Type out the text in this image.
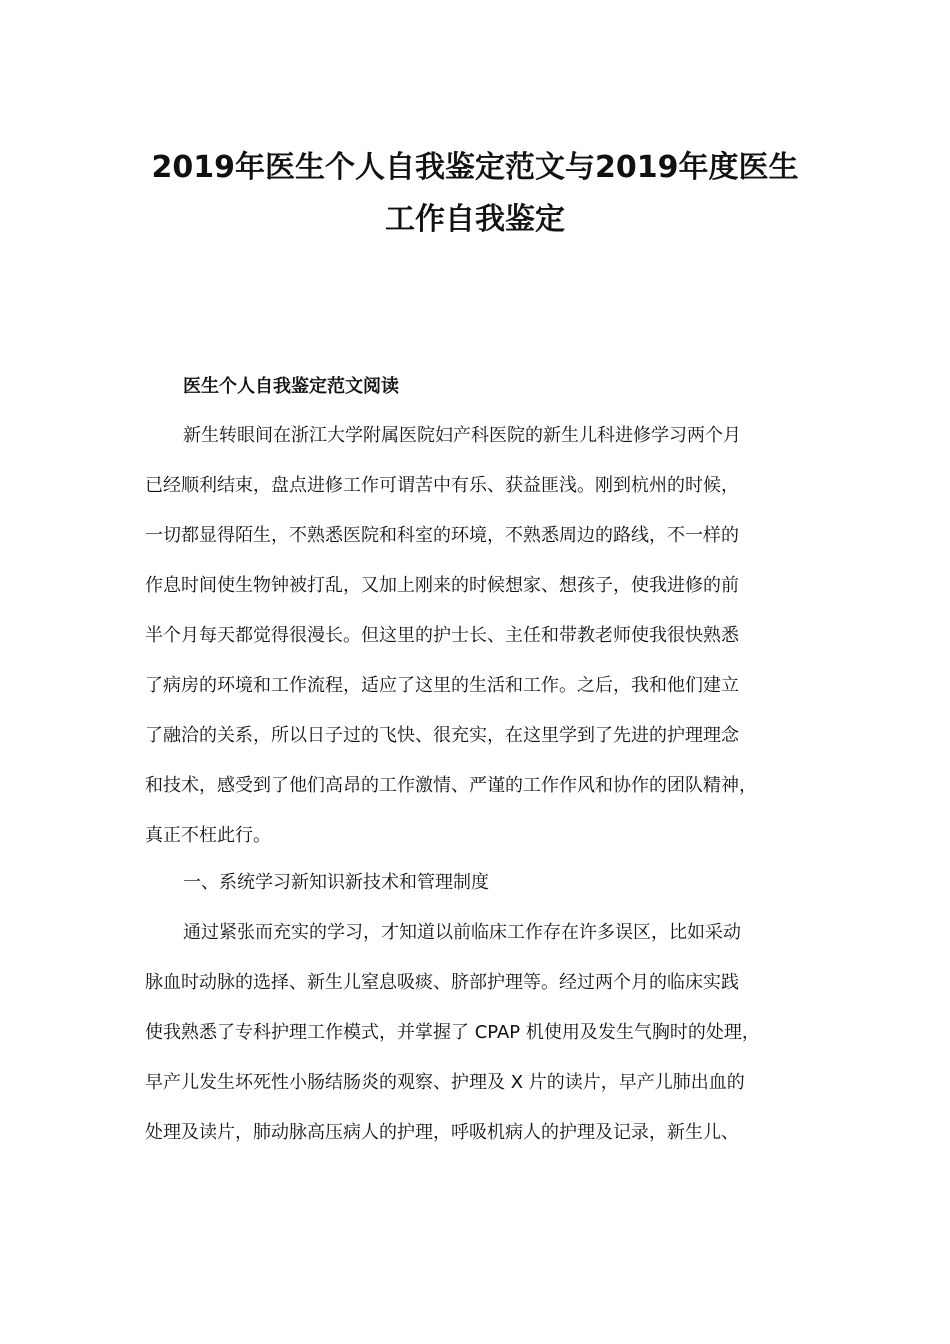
2019年医生个人自我鉴定范文与2019年度医生
工作自我鉴定
医生个人自我鉴定范文阅读
新生转眼间在浙江大学附属医院妇产科医院的新生儿科进修学习两个月
已经顺利结束，盘点进修工作可谓苦中有乐、获益匪浅。刚到杭州的时候，
一切都显得陌生，不熟悉医院和科室的环境，不熟悉周边的路线，不一样的
作息时间使生物钟被打乱，又加上刚来的时候想家、想孩子，使我进修的前
半个月每天都觉得很漫长。但这里的护士长、主任和带教老师使我很快熟悉
了病房的环境和工作流程，适应了这里的生活和工作。之后，我和他们建立
了融洽的关系，所以日子过的飞快、很充实，在这里学到了先进的护理理念
和技术，感受到了他们高昂的工作激情、严谨的工作作风和协作的团队精神，
真正不枉此行。
一、系统学习新知识新技术和管理制度
通过紧张而充实的学习，才知道以前临床工作存在许多误区，比如采动
脉血时动脉的选择、新生儿窒息吸痰、脐部护理等。经过两个月的临床实践
使我熟悉了专科护理工作模式，并掌握了 CPAP 机使用及发生气胸时的处理，
早产儿发生坏死性小肠结肠炎的观察、护理及 X 片的读片，早产儿肺出血的
处理及读片，肺动脉高压病人的护理，呼吸机病人的护理及记录，新生儿、
